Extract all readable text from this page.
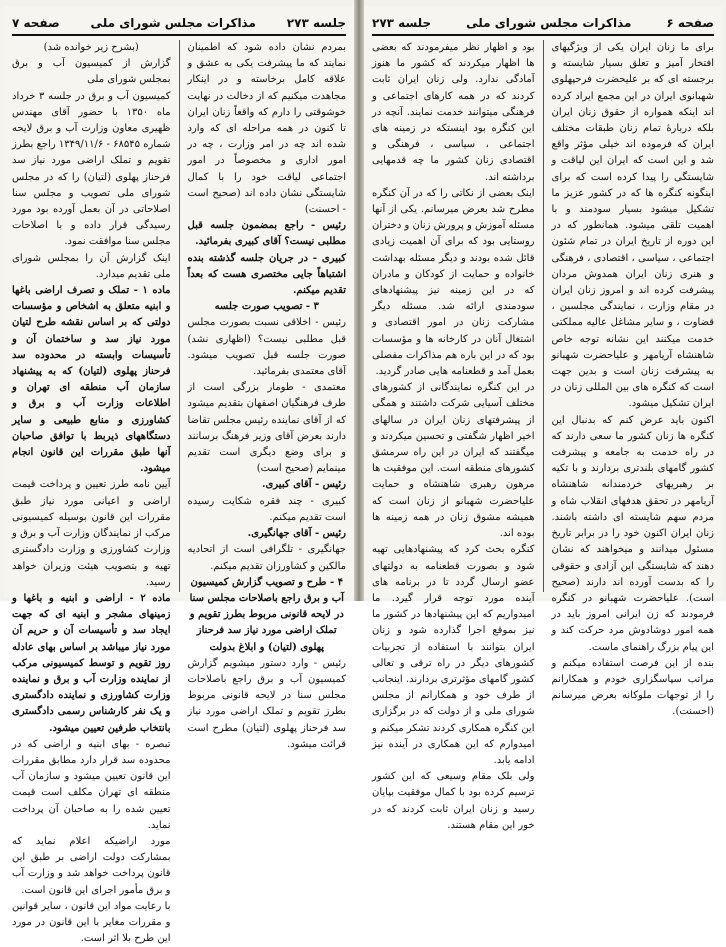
جلسه ۲۷۳
مذاکرات مجلس شورای ملی
صفحه ۷

بمردم نشان داده شود که اطمینان نمایند که ما پیشرفت یکی به عشق و علاقه کامل برخاسته و در اینکار مجاهدت میکنیم که از دخالت در نهایت خوشوقتی را دارم که واقعاً زنان ایران تا کنون در همه مراحله ای که وارد شده اند چه در امر وزارت ، چه در امور اداری و مخصوصاً در امور اجتماعی لیاقت خود را با کمال شایستگی نشان داده اند (صحیح است - احسنت)

رئیس - راجع بمضمون جلسه قبل مطلبی نیست؟ آقای کبیری بفرمائید.

کبیری - در جریان جلسه گذشته بنده اشتباهاً جایی مختصری هست که بعداً تقدیم میکنم.

۳ - تصویب صورت جلسه

رئیس - اخلاقی نسبت بصورت مجلس قبل مطلبی نیست؟ (اظهاری نشد) صورت جلسه قبل تصویب میشود. آقای معتمدی بفرمائید.

معتمدی - طومار بزرگی است از طرف فرهنگیان اصفهان بتقدیم میشود که از آقای نماینده رئیس مجلس تقاضا دارند بعرض آقای وزیر فرهنگ برسانند و برای وضع دیگری است تقدیم مینمایم (صحیح است)

رئیس - آقای کبیری.

کبیری - چند فقره شکایت رسیده است تقدیم میکنم.

رئیس - آقای جهانگیری.

جهانگیری - تلگرافی است از اتحادیه مالکین و کشاورزان تقدیم میکنم.

۴ - طرح و تصویب گزارش کمیسیون آب و برق راجع باصلاحات مجلس سنا در لایحه قانونی مربوط بطرز تقویم و تملک اراضی مورد نیاز سد فرحناز پهلوی (لتیان) و ابلاغ بدولت

رئیس - وارد دستور میشویم گزارش کمیسیون آب و برق راجع باصلاحات مجلس سنا در لایحه قانونی مربوط بطرز تقویم و تملک اراضی مورد نیاز سد فرحناز پهلوی (لتیان) مطرح است قرائت میشود.

(بشرح زیر خوانده شد)

گزارش از کمیسیون آب و برق بمجلس شورای ملی

کمیسیون آب و برق در جلسه ۳ خرداد ماه ۱۳۵۰ با حضور آقای مهندس ظهیری معاون وزارت آب و برق لایحه شماره ۶۸۵۴۵ - ۱۳۴۹/۱۱/۶ راجع بطرز تقویم و تملک اراضی مورد نیاز سد فرحناز پهلوی (لتیان) را که در مجلس شورای ملی تصویب و مجلس سنا اصلاحاتی در آن بعمل آورده بود مورد رسیدگی قرار داده و با اصلاحات مجلس سنا موافقت نمود.

اینک گزارش آن را بمجلس شورای ملی تقدیم میدارد.

ماده ۱ - تملک و تصرف اراضی باغها و ابنیه متعلق به اشخاص و مؤسسات دولتی که بر اساس نقشه طرح لتیان مورد نیاز سد و ساختمان آن و تأسیسات وابسته در محدوده سد فرحناز پهلوی (لتیان) که به پیشنهاد سازمان آب منطقه ای تهران و اطلاعات وزارت آب و برق و کشاورزی و منابع طبیعی و سایر دستگاههای ذیربط با توافق صاحبان آنها طبق مقررات این قانون انجام میشود.

آیین نامه طرز تعیین و پرداخت قیمت اراضی و اعیانی مورد نیاز طبق مقررات این قانون بوسیله کمیسیونی مرکب از نمایندگان وزارت آب و برق و وزارت کشاورزی و وزارت دادگستری تهیه و بتصویب هیئت وزیران خواهد رسید.

ماده ۲ - اراضی و ابنیه و باغها و زمینهای مشجر و ابنیه ای که جهت ایجاد سد و تأسیسات آن و حریم آن مورد نیاز میباشد بر اساس بهای عادله روز تقویم و توسط کمیسیونی مرکب از نماینده وزارت آب و برق و نماینده وزارت کشاورزی و نماینده دادگستری و یک نفر کارشناس رسمی دادگستری بانتخاب طرفین تعیین میشود.

تبصره - بهای ابنیه و اراضی که در محدوده سد قرار دارد مطابق مقررات این قانون تعیین میشود و سازمان آب منطقه ای تهران مکلف است قیمت تعیین شده را به صاحبان آن پرداخت نماید.

مورد اراضیکه اعلام نماید که بمشارکت دولت اراضی بر طبق این قانون پرداخت خواهد شد و وزارت آب و برق مأمور اجرای این قانون است.

با رعایت مواد این قانون ، سایر قوانین و مقررات مغایر با این قانون در مورد این طرح بلا اثر است.

صفحه ۶
مذاکرات مجلس شورای ملی
جلسه ۲۷۳

برای ما زنان ایران یکی از ویژگیهای افتخار آمیز و تعلق بسیار شایسته و برجسته ای که بر علیحضرت فرحپهلوی شهبانوی ایران در این مجمع ایراد کرده اند اینکه همواره از حقوق زنان ایران بلکه دربارهٔ تمام زنان طبقات مختلف ایران که فرموده اند خیلی مؤثر واقع شد و این است که ایران این لیاقت و شایستگی را پیدا کرده است که برای اینگونه کنگره ها که در کشور عزیز ما تشکیل میشود بسیار سودمند و با اهمیت تلقی میشود. همانطور که در این دوره از تاریخ ایران در تمام شئون اجتماعی ، سیاسی ، اقتصادی ، فرهنگی و هنری زنان ایران همدوش مردان پیشرفت کرده اند و امروز زنان ایران در مقام وزارت ، نمایندگی مجلسین ، قضاوت ، و سایر مشاغل عالیه مملکتی خدمت میکنند این نشانه توجه خاص شاهنشاه آریامهر و علیاحضرت شهبانو به پیشرفت زنان است و بدین جهت است که کنگره های بین المللی زنان در ایران تشکیل میشود.

اکنون باید عرض کنم که بدنبال این کنگره ها زنان کشور ما سعی دارند که در راه خدمت به جامعه و پیشرفت کشور گامهای بلندتری بردارند و با تکیه بر رهبریهای خردمندانه شاهنشاه آریامهر در تحقق هدفهای انقلاب شاه و مردم سهم شایسته ای داشته باشند. زنان ایران اکنون خود را در برابر تاریخ مسئول میدانند و میخواهند که نشان دهند که شایستگی این آزادی و حقوقی را که بدست آورده اند دارند (صحیح است). علیاحضرت شهبانو در کنگره فرمودند که زن ایرانی امروز باید در همه امور دوشادوش مرد حرکت کند و این پیام بزرگ راهنمای ماست.

بنده از این فرصت استفاده میکنم و مراتب سپاسگزاری خودم و همکارانم را از توجهات ملوکانه بعرض میرسانم (احسنت).

بود و اظهار نظر میفرمودند که بعضی ها اظهار میکردند که کشور ما هنوز آمادگی ندارد. ولی زنان ایران ثابت کردند که در همه کارهای اجتماعی و فرهنگی میتوانند خدمت نمایند. آنچه در این کنگره بود اینستکه در زمینه های اجتماعی ، سیاسی ، فرهنگی و اقتصادی زنان کشور ما چه قدمهایی برداشته اند.

اینک بعضی از نکاتی را که در آن کنگره مطرح شد بعرض میرسانم. یکی از آنها مسئله آموزش و پرورش زنان و دختران روستایی بود که برای آن اهمیت زیادی قائل شده بودند و دیگر مسئله بهداشت خانواده و حمایت از کودکان و مادران که در این زمینه نیز پیشنهادهای سودمندی ارائه شد. مسئله دیگر مشارکت زنان در امور اقتصادی و اشتغال آنان در کارخانه ها و مؤسسات بود که در این باره هم مذاکرات مفصلی بعمل آمد و قطعنامه هایی صادر گردید.

در این کنگره نمایندگانی از کشورهای مختلف آسیایی شرکت داشتند و همگی از پیشرفتهای زنان ایران در سالهای اخیر اظهار شگفتی و تحسین میکردند و میگفتند که ایران در این راه سرمشق کشورهای منطقه است. این موفقیت ها مرهون رهبری شاهنشاه و حمایت علیاحضرت شهبانو از زنان است که همیشه مشوق زنان در همه زمینه ها بوده اند.

کنگره بحث کرد که پیشنهادهایی تهیه شود و بصورت قطعنامه به دولتهای عضو ارسال گردد تا در برنامه های آینده مورد توجه قرار گیرد. ما امیدواریم که این پیشنهادها در کشور ما نیز بموقع اجرا گذارده شود و زنان ایران بتوانند با استفاده از تجربیات کشورهای دیگر در راه ترقی و تعالی کشور گامهای مؤثرتری بردارند. اینجانب از طرف خود و همکارانم از مجلس شورای ملی و از دولت که در برگزاری این کنگره همکاری کردند تشکر میکنم و امیدوارم که این همکاری در آینده نیز ادامه یابد.

ولی بلک مقام وسیعی که این کشور ترسیم کرده بود با کمال موفقیت بپایان رسید و زنان ایران ثابت کردند که در خور این مقام هستند.
